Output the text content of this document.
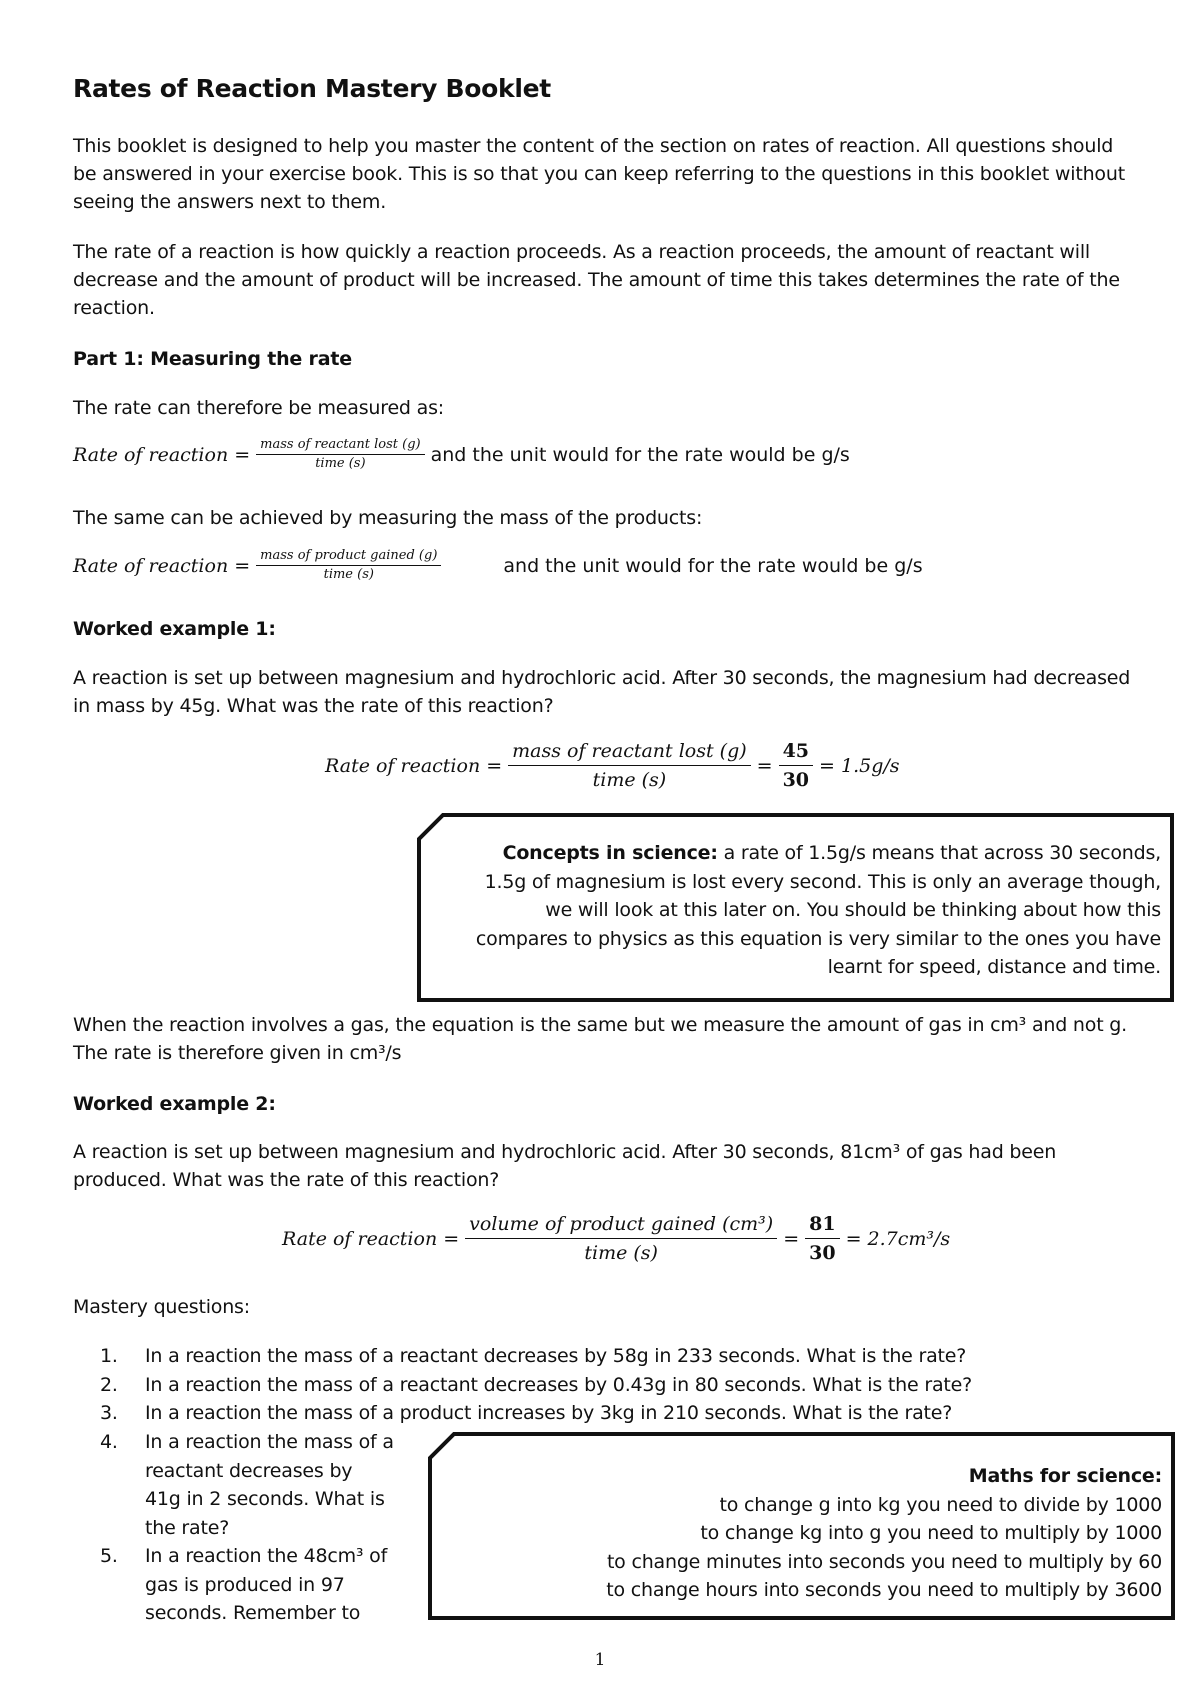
Rates of Reaction Mastery Booklet
This booklet is designed to help you master the content of the section on rates of reaction. All questions should be answered in your exercise book. This is so that you can keep referring to the questions in this booklet without seeing the answers next to them.
The rate of a reaction is how quickly a reaction proceeds. As a reaction proceeds, the amount of reactant will decrease and the amount of product will be increased. The amount of time this takes determines the rate of the reaction.
Part 1: Measuring the rate
The rate can therefore be measured as:
Rate of reaction = $\frac{\text{mass of reactant lost (g)}}{\text{time (s)}}$ and the unit would for the rate would be g/s
The same can be achieved by measuring the mass of the products:
Rate of reaction = $\frac{\text{mass of product gained (g)}}{\text{time (s)}}$	and the unit would for the rate would be g/s
Worked example 1:
A reaction is set up between magnesium and hydrochloric acid. After 30 seconds, the magnesium had decreased in mass by 45g. What was the rate of this reaction?
Rate of reaction = $\frac{\text{mass of reactant lost (g)}}{\text{time (s)}} = \frac{45}{30} = 1.5g/s$
Concepts in science: a rate of 1.5g/s means that across 30 seconds,
1.5g of magnesium is lost every second. This is only an average though,
we will look at this later on. You should be thinking about how this
compares to physics as this equation is very similar to the ones you have
learnt for speed, distance and time.
When the reaction involves a gas, the equation is the same but we measure the amount of gas in cm³ and not g. The rate is therefore given in cm³/s
Worked example 2:
A reaction is set up between magnesium and hydrochloric acid. After 30 seconds, 81cm³ of gas had been produced. What was the rate of this reaction?
Rate of reaction = $\frac{\text{volume of product gained (cm³)}}{\text{time (s)}} = \frac{81}{30} = 2.7cm^3/s$
Mastery questions:
1.	In a reaction the mass of a reactant decreases by 58g in 233 seconds. What is the rate?
2.	In a reaction the mass of a reactant decreases by 0.43g in 80 seconds. What is the rate?
3.	In a reaction the mass of a product increases by 3kg in 210 seconds. What is the rate?
4.	In a reaction the mass of a
reactant decreases by
41g in 2 seconds. What is
the rate?
5.	In a reaction the 48cm³ of
gas is produced in 97
seconds. Remember to
Maths for science:
to change g into kg you need to divide by 1000
to change kg into g you need to multiply by 1000
to change minutes into seconds you need to multiply by 60
to change hours into seconds you need to multiply by 3600
1
